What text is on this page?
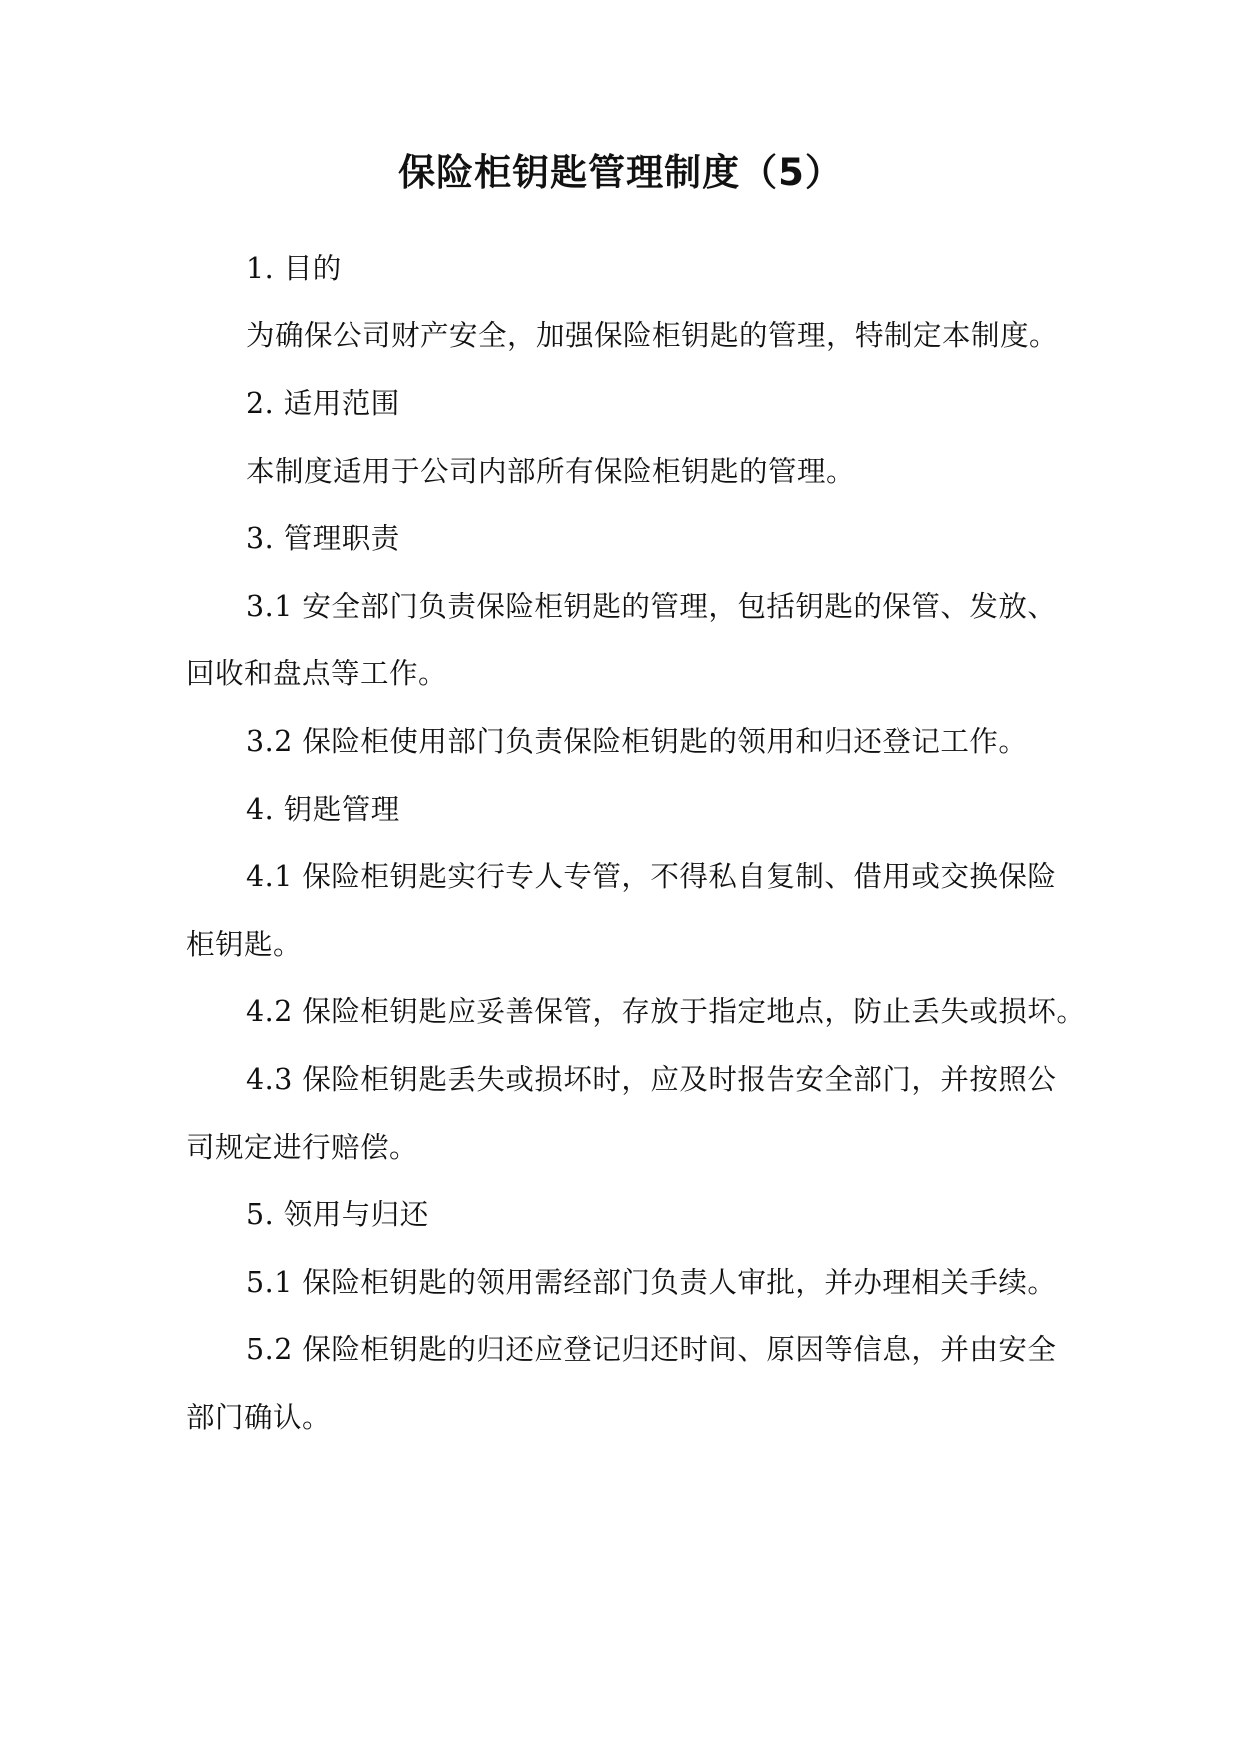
保险柜钥匙管理制度（5）
1. 目的
为确保公司财产安全，加强保险柜钥匙的管理，特制定本制度。
2. 适用范围
本制度适用于公司内部所有保险柜钥匙的管理。
3. 管理职责
3.1 安全部门负责保险柜钥匙的管理，包括钥匙的保管、发放、
回收和盘点等工作。
3.2 保险柜使用部门负责保险柜钥匙的领用和归还登记工作。
4. 钥匙管理
4.1 保险柜钥匙实行专人专管，不得私自复制、借用或交换保险
柜钥匙。
4.2 保险柜钥匙应妥善保管，存放于指定地点，防止丢失或损坏。
4.3 保险柜钥匙丢失或损坏时，应及时报告安全部门，并按照公
司规定进行赔偿。
5. 领用与归还
5.1 保险柜钥匙的领用需经部门负责人审批，并办理相关手续。
5.2 保险柜钥匙的归还应登记归还时间、原因等信息，并由安全
部门确认。
